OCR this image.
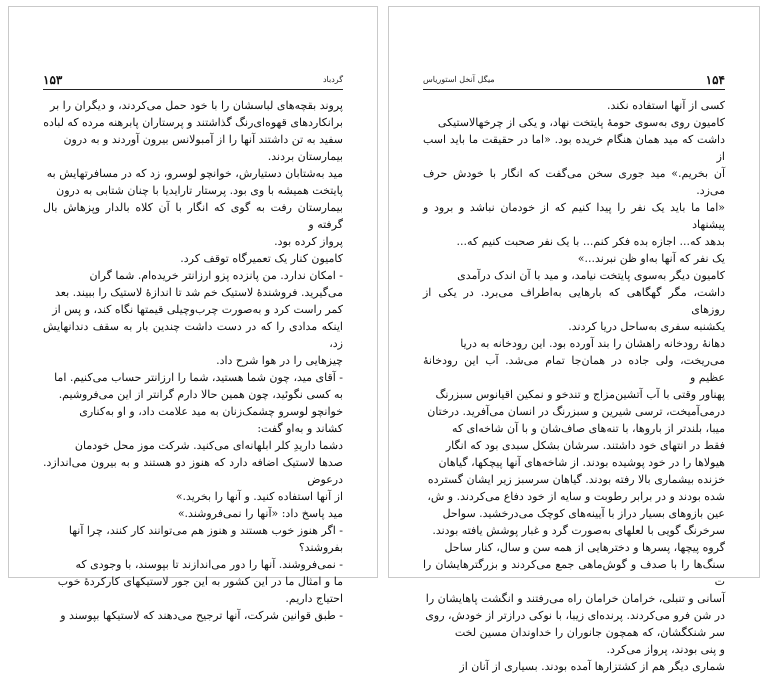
۱۵۳	گردباد

پروند بقچه‌های لباسشان را با خود حمل می‌کردند، و دیگران را بر
برانکاردهای قهوه‌ای‌رنگ گذاشتند و پرستاران پابرهنه مرده که لباده‌
سفید به تن داشتند آنها را از آمبولانس بیرون آوردند و به درون
بیمارستان بردند.
مید به‌شتابان دستیارش، خوانچو لوسرو، زد که در مسافرتهایش به
پایتخت همیشه با وی بود. پرستار تارایدیا با چنان شتابی به درون
بیمارستان رفت به گوی که انگار با آن کلاه بالدار وپزهاش بال گرفته و
پرواز کرده بود.
کامیون کنار یک تعمیرگاه توقف کرد.
- امکان ندارد. من پانزده پزو ارزانتر خریده‌ام. شما گران
می‌گیرید. فروشندهٔ لاستیک خم شد تا اندازهٔ لاستیک را ببیند. بعد
کمر راست کرد و به‌صورت چرب‌وچیلی قیمتها نگاه کند، و پس از
اینکه مدادی را که در دست داشت چندین بار به سقف دندانهایش زد،
چیزهایی را در هوا شرح داد.
- آقای مید، چون شما هستید، شما را ارزانتر حساب می‌کنیم. اما
به کسی نگوئید، چون همین حالا دارم گرانتر از این می‌فروشیم.
خوانچو لوسرو چشمک‌زنان به مید علامت داد، و او به‌کناری
کشاند و به‌او گفت:
دشما داریدِ کلر ابلهانه‌ای می‌کنید. شرکت موز محل خودمان
صدها لاستیک اضافه دارد که هنوز دو هستند و به بیرون می‌اندازد. درعوض
از آنها استفاده کنید. و آنها را بخرید.»
مید پاسخ داد: «آنها را نمی‌فروشند.»
- اگر هنوز خوب هستند و هنوز هم می‌توانند کار کنند، چرا آنها
بفروشند؟
- نمی‌فروشند. آنها را دور می‌اندازند تا بپوسند، با وجودی که
ما و امثال ما در این کشور به این جور لاستیکهای کارکردهٔ خوب
احتیاج داریم.
- طبق قوانین شرکت، آنها ترجیح می‌دهند که لاستیکها بپوسند و

۱۵۴
میگل آنخل استوریاس

کسی از آنها استفاده نکند.
کامیون روی به‌سوی حومهٔ پایتخت نهاد، و یکی از چرخهالاستیکی
داشت که مید همان هنگام خریده بود. «اما در حقیقت ما باید اسب از
آن بخریم.» مید جوری سخن می‌گفت که انگار با خودش حرف می‌زد.
«اما ما باید یک نفر را پیدا کنیم که از خودمان نباشد و برود و پیشنهاد
بدهد که... اجازه بده فکر کنم... با یک نفر صحبت کنیم که...
یک نفر که آنها به‌او ظن نبرند...»
کامیون دیگر به‌سوی پایتخت نیامد، و مید با آن اندک درآمدی
داشت، مگر گهگاهی که بارهایی به‌اطراف می‌برد. در یکی از روزهای
یکشنبه سفری به‌ساحل دریا کردند.
دهانهٔ رودخانه راهشان را بند آورده بود. این رودخانه به دریا
می‌ریخت، ولی جاده در همان‌جا تمام می‌شد. آب این رودخانهٔ عظیم و
پهناور وقتی با آب آتشین‌مزاج و تندخو و نمکین اقیانوس سبزرنگ
درمی‌آمیخت، ترسی شیرین و سبزرنگ در انسان می‌آفرید. درختان
میبا، بلندتر از باروها، با تنه‌های صاف‌شان و با آن شاخه‌ای که
فقط در انتهای خود داشتند. سرشان بشکل سبدی بود که انگار
هیولاها را در خود پوشیده بودند. از شاخه‌های آنها پیچکها، گیاهان
خزنده بیشماری بالا رفته بودند. گیاهان سرسبز زیر ایشان گسترده
شده بودند و در برابر رطوبت و سایه از خود دفاع می‌کردند. و ش،
عین بازوهای بسیار دراز با آیینه‌های کوچک می‌درخشید. سواحل
سرخرنگ گویی با لعلهای به‌صورت گرد و غبار پوشش یافته بودند.
گروه پیچها، پسرها و دختر‌هایی از همه سن و سال، کنار ساحل
سنگ‌ها را با صدف و گوش‌ماهی جمع می‌کردند و بزرگتر‌هایشان را ت
آسانی و تنبلی، خرامان خرامان راه می‌رفتند و انگشت پاهایشان را
در شن فرو می‌کردند. پرنده‌ای زیبا، با نوکی درازتر از خودش، روی
سر شنکگشان، که همچون جانوران را خداوندان مسین لخت
و پنی بودند، پرواز می‌کرد.
شماری دیگر هم از کشتزارها آمده بودند. بسیاری از آنان از
